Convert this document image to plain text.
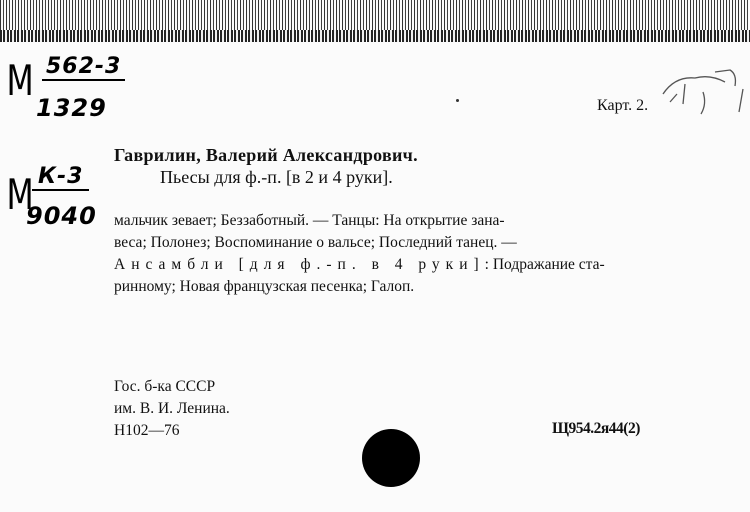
M 562-3
1329
M К-3
9040
Карт. 2.
Гаврилин, Валерий Александрович.
Пьесы для ф.-п. [в 2 и 4 руки].

мальчик зевает; Беззаботный. — Танцы: На открытие зана-

веса; Полонез; Воспоминание о вальсе; Последний танец. —

Ансамбли [для ф.-п. в 4 руки]: Подражание ста-

ринному; Новая французская песенка; Галоп.

Гос. б-ка СССР
им. В. И. Ленина.
Н102—76	Щ954.2я44(2)
